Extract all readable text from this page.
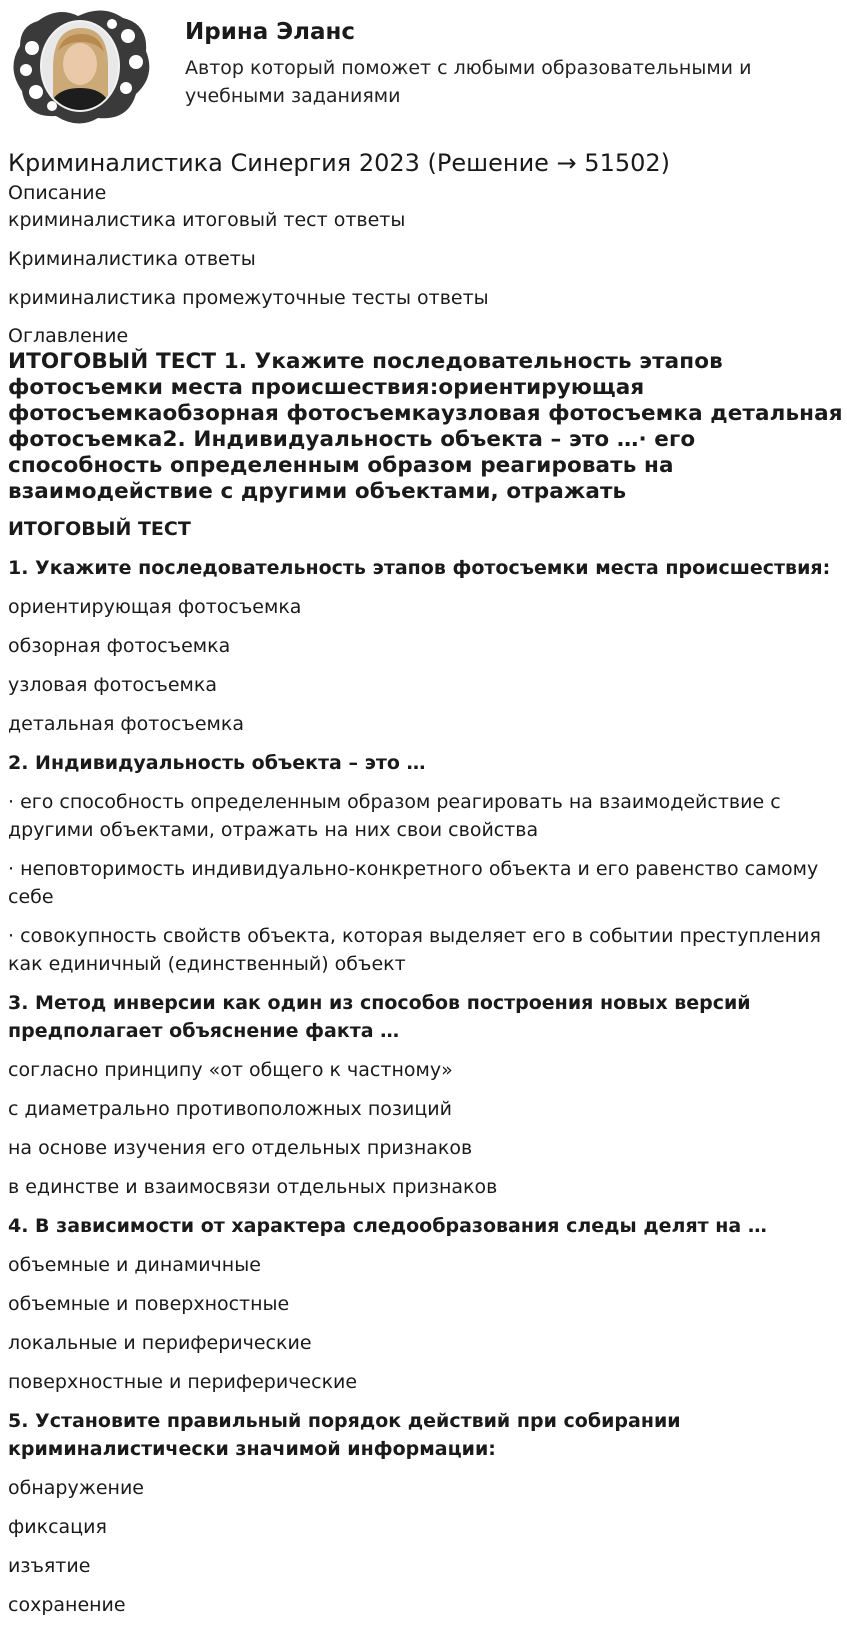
Ирина Эланс

Автор который поможет с любыми образовательными и учебными заданиями

Криминалистика Синергия 2023 (Решение → 51502)

Описание

криминалистика итоговый тест ответы

Криминалистика ответы

криминалистика промежуточные тесты ответы

Оглавление

ИТОГОВЫЙ ТЕСТ 1. Укажите последовательность этапов фотосъемки места происшествия:ориентирующая фотосъемкаобзорная фотосъемкаузловая фотосъемка детальная фотосъемка2. Индивидуальность объекта – это …· его способность определенным образом реагировать на взаимодействие с другими объектами, отражать

ИТОГОВЫЙ ТЕСТ

1. Укажите последовательность этапов фотосъемки места происшествия:

ориентирующая фотосъемка

обзорная фотосъемка

узловая фотосъемка

детальная фотосъемка

2. Индивидуальность объекта – это …

· его способность определенным образом реагировать на взаимодействие с другими объектами, отражать на них свои свойства

· неповторимость индивидуально-конкретного объекта и его равенство самому себе

· совокупность свойств объекта, которая выделяет его в событии преступления как единичный (единственный) объект

3. Метод инверсии как один из способов построения новых версий предполагает объяснение факта …

согласно принципу «от общего к частному»

с диаметрально противоположных позиций

на основе изучения его отдельных признаков

в единстве и взаимосвязи отдельных признаков

4. В зависимости от характера следообразования следы делят на …

объемные и динамичные

объемные и поверхностные

локальные и периферические

поверхностные и периферические

5. Установите правильный порядок действий при собирании криминалистически значимой информации:

обнаружение

фиксация

изъятие

сохранение
